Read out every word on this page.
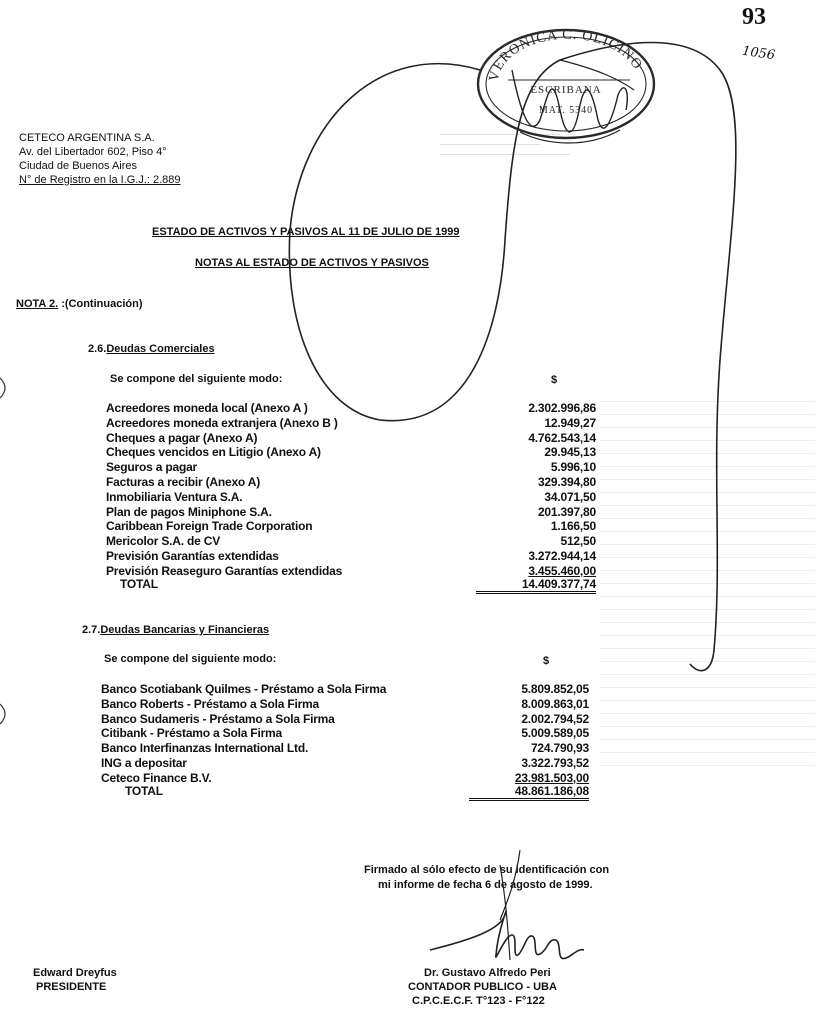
93
1056
CETECO ARGENTINA S.A.
Av. del Libertador 602, Piso 4°
Ciudad de Buenos Aires
N° de Registro en la I.G.J.: 2.889
ESTADO DE ACTIVOS Y PASIVOS AL 11 DE JULIO DE 1999
NOTAS AL ESTADO DE ACTIVOS Y PASIVOS
NOTA 2. :(Continuación)
2.6.Deudas Comerciales
Se compone del siguiente modo:	$
Acreedores moneda local (Anexo A )	2.302.996,86
Acreedores moneda extranjera (Anexo B )	12.949,27
Cheques a pagar (Anexo A)	4.762.543,14
Cheques vencidos en Litigio (Anexo A)	29.945,13
Seguros a pagar	5.996,10
Facturas a recibir (Anexo A)	329.394,80
Inmobiliaria Ventura S.A.	34.071,50
Plan de pagos Miniphone S.A.	201.397,80
Caribbean Foreign Trade Corporation	1.166,50
Mericolor S.A. de CV	512,50
Previsión Garantías extendidas	3.272.944,14
Previsión Reaseguro Garantías extendidas	3.455.460,00
TOTAL	14.409.377,74
2.7.Deudas Bancarias y Financieras
Se compone del siguiente modo:	$
Banco Scotiabank Quilmes - Préstamo a Sola Firma	5.809.852,05
Banco Roberts - Préstamo a Sola Firma	8.009.863,01
Banco Sudameris - Préstamo a Sola Firma	2.002.794,52
Citibank - Préstamo a Sola Firma	5.009.589,05
Banco Interfinanzas International Ltd.	724.790,93
ING a depositar	3.322.793,52
Ceteco Finance B.V.	23.981.503,00
TOTAL	48.861.186,08
Firmado al sólo efecto de su identificación con
mi informe de fecha 6 de agosto de 1999.
Edward Dreyfus
PRESIDENTE
Dr. Gustavo Alfredo Peri
CONTADOR PUBLICO - UBA
C.P.C.E.C.F. T°123 - F°122
VERONICA C. OLICINO
ESCRIBANA
MAT. 5340
